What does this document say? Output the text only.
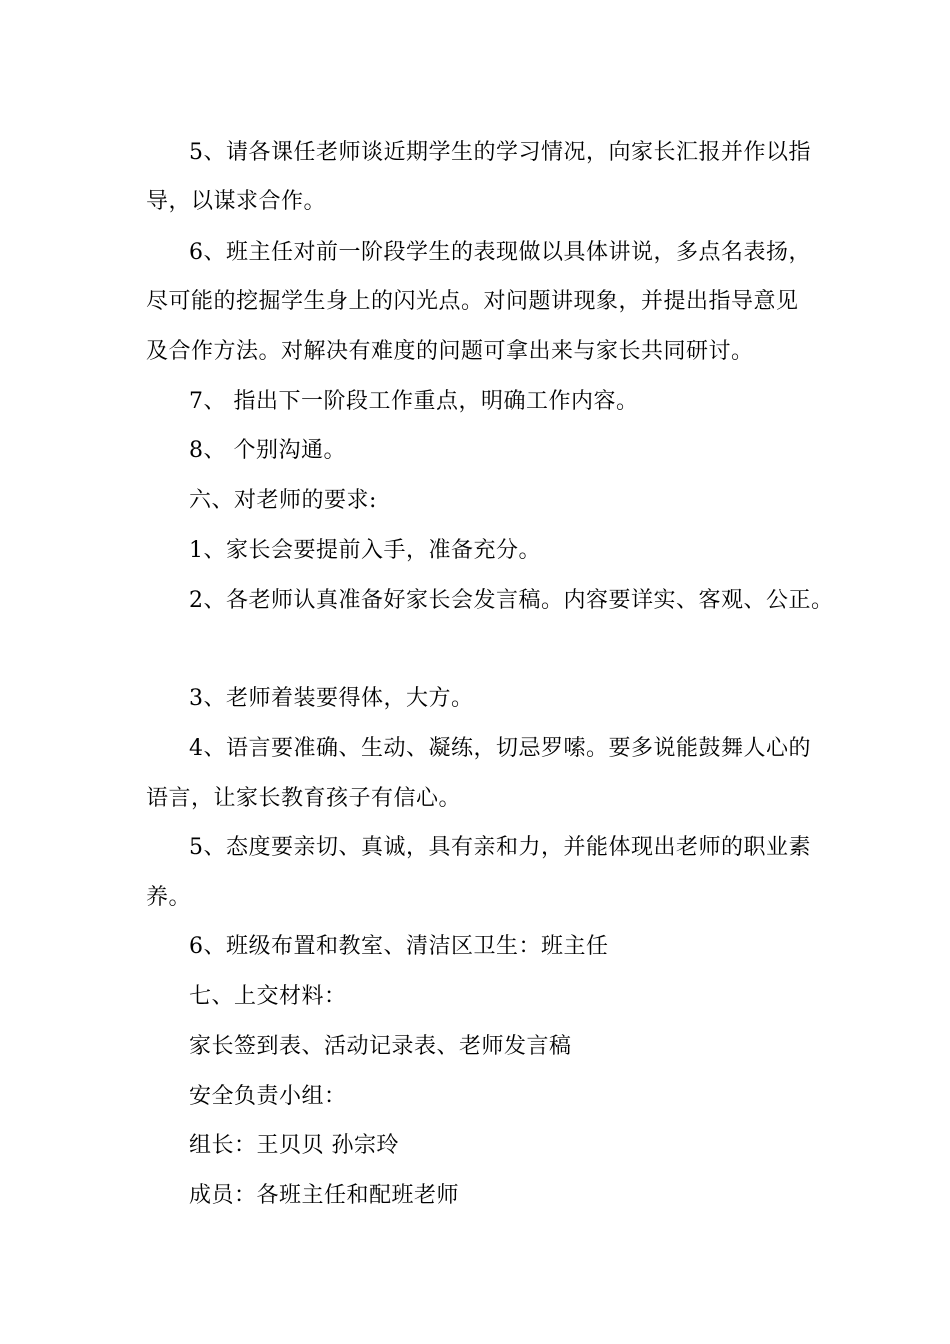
5、请各课任老师谈近期学生的学习情况，向家长汇报并作以指
导，以谋求合作。
6、班主任对前一阶段学生的表现做以具体讲说，多点名表扬，
尽可能的挖掘学生身上的闪光点。对问题讲现象，并提出指导意见
及合作方法。对解决有难度的问题可拿出来与家长共同研讨。
7、 指出下一阶段工作重点，明确工作内容。
8、 个别沟通。
六、对老师的要求:
1、家长会要提前入手，准备充分。
2、各老师认真准备好家长会发言稿。内容要详实、客观、公正。
3、老师着装要得体，大方。
4、语言要准确、生动、凝练，切忌罗嗦。要多说能鼓舞人心的
语言，让家长教育孩子有信心。
5、态度要亲切、真诚，具有亲和力，并能体现出老师的职业素
养。
6、班级布置和教室、清洁区卫生：班主任
七、上交材料：
家长签到表、活动记录表、老师发言稿
安全负责小组：
组长：王贝贝 孙宗玲
成员：各班主任和配班老师
